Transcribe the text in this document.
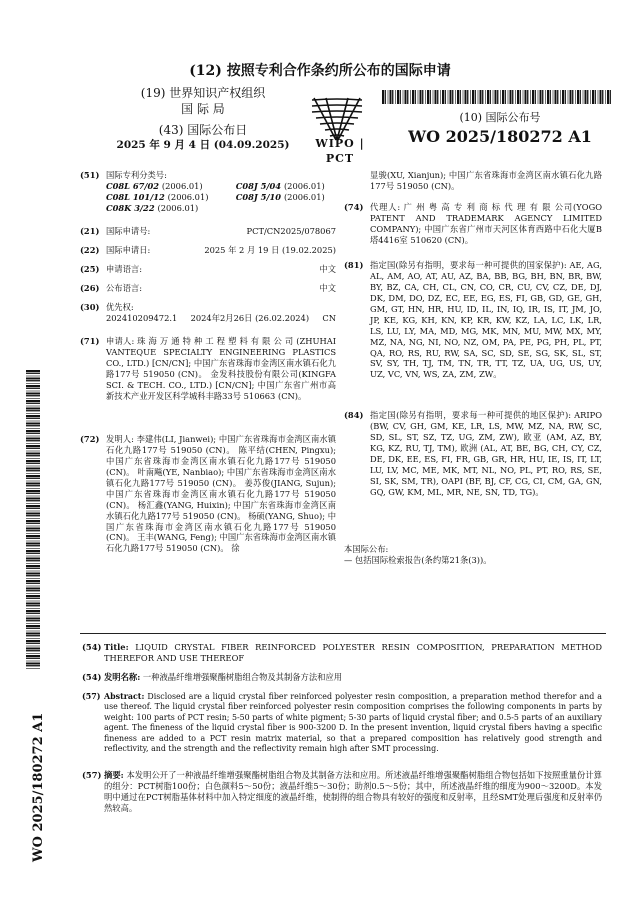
(12) 按照专利合作条约所公布的国际申请
(19) 世界知识产权组织
国 际 局
(43) 国际公布日
2025 年 9 月 4 日 (04.09.2025)	WIPO | PCT
(10) 国际公布号
WO 2025/180272 A1
WO 2025/180272 A1
(51) 国际专利分类号:
C08L 67/02 (2006.01)	C08J 5/04 (2006.01)
C08L 101/12 (2006.01)	C08J 5/10 (2006.01)
C08K 3/22 (2006.01)
(21) 国际申请号:	PCT/CN2025/078067
(22) 国际申请日:	2025 年 2 月 19 日 (19.02.2025)
(25) 申请语言:	中文
(26) 公布语言:	中文
(30) 优先权:
202410209472.1 2024年2月26日 (26.02.2024) CN
(71) 申请人: 珠 海 万 通 特 种 工 程 塑 料 有 限 公 司 (ZHUHAI VANTEQUE SPECIALTY ENGINEERING PLASTICS CO., LTD.) [CN/CN]; 中国广东省珠海市金湾区南水镇石化九路177号 519050 (CN)。 金发科技股份有限公司(KINGFA SCI. & TECH. CO., LTD.) [CN/CN]; 中国广东省广州市高新技术产业开发区科学城科丰路33号 510663 (CN)。
(72) 发明人: 李建伟(LI, Jianwei); 中国广东省珠海市金湾区南水镇石化九路177号 519050 (CN)。 陈平结(CHEN, Pingxu); 中国广东省珠海市金湾区南水镇石化九路177号 519050 (CN)。 叶南飚(YE, Nanbiao); 中国广东省珠海市金湾区南水镇石化九路177号 519050 (CN)。 姜苏俊(JIANG, Sujun); 中国广东省珠海市金湾区南水镇石化九路177号 519050 (CN)。 杨汇鑫(YANG, Huixin); 中国广东省珠海市金湾区南水镇石化九路177号 519050 (CN)。 杨硕(YANG, Shuo); 中国广东省珠海市金湾区南水镇石化九路177号 519050 (CN)。 王丰(WANG, Feng); 中国广东省珠海市金湾区南水镇石化九路177号 519050 (CN)。 徐
显骏(XU, Xianjun); 中国广东省珠海市金湾区南水镇石化九路177号 519050 (CN)。
(74) 代理人: 广 州 粤 高 专 利 商 标 代 理 有 限 公司(YOGO PATENT AND TRADEMARK AGENCY LIMITED COMPANY); 中国广东省广州市天河区体育西路中石化大厦B塔4416室 510620 (CN)。
(81) 指定国(除另有指明，要求每一种可提供的国家保护): AE, AG, AL, AM, AO, AT, AU, AZ, BA, BB, BG, BH, BN, BR, BW, BY, BZ, CA, CH, CL, CN, CO, CR, CU, CV, CZ, DE, DJ, DK, DM, DO, DZ, EC, EE, EG, ES, FI, GB, GD, GE, GH, GM, GT, HN, HR, HU, ID, IL, IN, IQ, IR, IS, IT, JM, JO, JP, KE, KG, KH, KN, KP, KR, KW, KZ, LA, LC, LK, LR, LS, LU, LY, MA, MD, MG, MK, MN, MU, MW, MX, MY, MZ, NA, NG, NI, NO, NZ, OM, PA, PE, PG, PH, PL, PT, QA, RO, RS, RU, RW, SA, SC, SD, SE, SG, SK, SL, ST, SV, SY, TH, TJ, TM, TN, TR, TT, TZ, UA, UG, US, UY, UZ, VC, VN, WS, ZA, ZM, ZW。
(84) 指定国(除另有指明，要求每一种可提供的地区保护): ARIPO (BW, CV, GH, GM, KE, LR, LS, MW, MZ, NA, RW, SC, SD, SL, ST, SZ, TZ, UG, ZM, ZW), 欧亚 (AM, AZ, BY, KG, KZ, RU, TJ, TM), 欧洲 (AL, AT, BE, BG, CH, CY, CZ, DE, DK, EE, ES, FI, FR, GB, GR, HR, HU, IE, IS, IT, LT, LU, LV, MC, ME, MK, MT, NL, NO, PL, PT, RO, RS, SE, SI, SK, SM, TR), OAPI (BF, BJ, CF, CG, CI, CM, GA, GN, GQ, GW, KM, ML, MR, NE, SN, TD, TG)。
本国际公布:
— 包括国际检索报告(条约第21条(3))。
(54) Title: LIQUID CRYSTAL FIBER REINFORCED POLYESTER RESIN COMPOSITION, PREPARATION METHOD THEREFOR AND USE THEREOF
(54) 发明名称: 一种液晶纤维增强聚酯树脂组合物及其制备方法和应用
(57) Abstract: Disclosed are a liquid crystal fiber reinforced polyester resin composition, a preparation method therefor and a use thereof. The liquid crystal fiber reinforced polyester resin composition comprises the following components in parts by weight: 100 parts of PCT resin; 5-50 parts of white pigment; 5-30 parts of liquid crystal fiber; and 0.5-5 parts of an auxiliary agent. The fineness of the liquid crystal fiber is 900-3200 D. In the present invention, liquid crystal fibers having a specific fineness are added to a PCT resin matrix material, so that a prepared composition has relatively good strength and reflectivity, and the strength and the reflectivity remain high after SMT processing.
(57) 摘要: 本发明公开了一种液晶纤维增强聚酯树脂组合物及其制备方法和应用。所述液晶纤维增强聚酯树脂组合物包括如下按照重量份计算的组分：PCT树脂100份；白色颜料5～50份；液晶纤维5～30份；助剂0.5～5份；其中，所述液晶纤维的细度为900～3200D。本发明中通过在PCT树脂基体材料中加入特定细度的液晶纤维，使制得的组合物具有较好的强度和反射率，且经SMT处理后强度和反射率仍然较高。
